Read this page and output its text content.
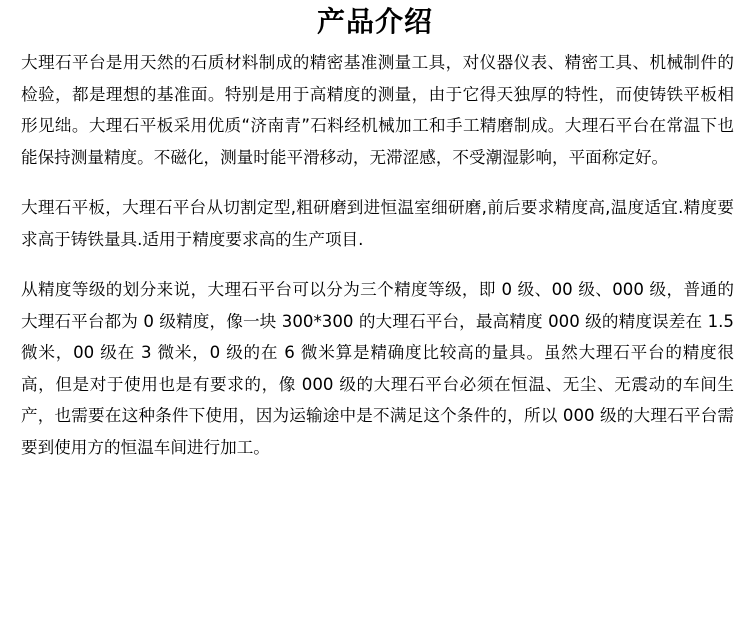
产品介绍

大理石平台是用天然的石质材料制成的精密基准测量工具，对仪器仪表、精密工具、机械制件的检验，都是理想的基准面。特别是用于高精度的测量，由于它得天独厚的特性，而使铸铁平板相形见绌。大理石平板采用优质“济南青”石料经机械加工和手工精磨制成。大理石平台在常温下也能保持测量精度。不磁化，测量时能平滑移动，无滞涩感，不受潮湿影响，平面称定好。

大理石平板，大理石平台从切割定型,粗研磨到进恒温室细研磨,前后要求精度高,温度适宜.精度要求高于铸铁量具.适用于精度要求高的生产项目.

从精度等级的划分来说，大理石平台可以分为三个精度等级，即 0 级、00 级、000 级，普通的大理石平台都为 0 级精度，像一块 300*300 的大理石平台，最高精度 000 级的精度误差在 1.5 微米，00 级在 3 微米，0 级的在 6 微米算是精确度比较高的量具。虽然大理石平台的精度很高，但是对于使用也是有要求的，像 000 级的大理石平台必须在恒温、无尘、无震动的车间生产，也需要在这种条件下使用，因为运输途中是不满足这个条件的，所以 000 级的大理石平台需要到使用方的恒温车间进行加工。
